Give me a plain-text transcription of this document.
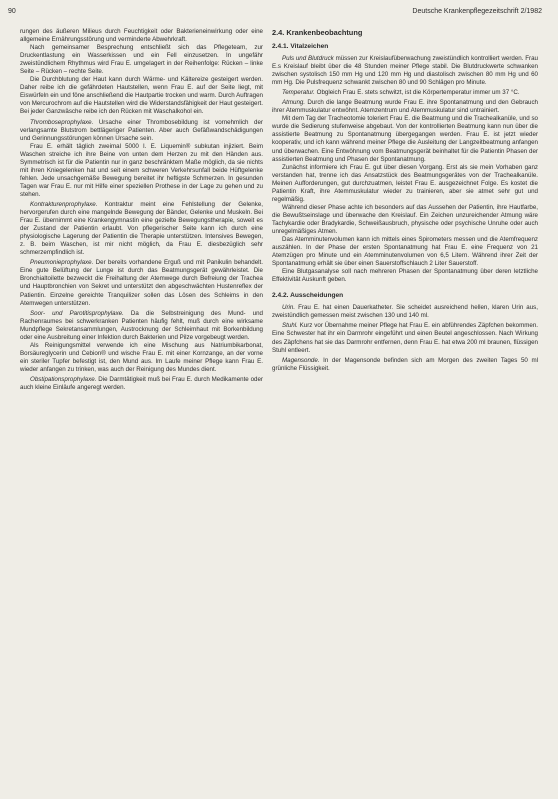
90	Deutsche Krankenpflegezeitschrift 2/1982

rungen des äußeren Milieus durch Feuchtigkeit oder Bakterieneinwirkung oder eine allgemeine Ernährungsstörung und verminderte Abwehrkraft.

Nach gemeinsamer Besprechung entschließt sich das Pflegeteam, zur Druckentlastung ein Wasserkissen und ein Fell einzusetzen. In ungefähr zweistündlichem Rhythmus wird Frau E. umgelagert in der Reihenfolge: Rücken – linke Seite – Rücken – rechte Seite.

Die Durchblutung der Haut kann durch Wärme- und Kältereize gesteigert werden. Daher reibe ich die gefährdeten Hautstellen, wenn Frau E. auf der Seite liegt, mit Eiswürfeln ein und föne anschließend die Hautpartie trocken und warm. Durch Auftragen von Mercurochrom auf die Hautstellen wird die Widerstandsfähigkeit der Haut gesteigert. Bei jeder Ganzwäsche reibe ich den Rücken mit Waschalkohol ein.

Thromboseprophylaxe. Ursache einer Thrombosebildung ist vornehmlich der verlangsamte Blutstrom bettlägeriger Patienten. Aber auch Gefäßwandschädigungen und Gerinnungsstörungen können Ursache sein.

Frau E. erhält täglich zweimal 5000 I. E. Liquemin® subkutan injiziert. Beim Waschen streiche ich ihre Beine von unten dem Herzen zu mit den Händen aus. Symmetrisch ist für die Patientin nur in ganz beschränktem Maße möglich, da sie nichts mit ihren Kniegelenken hat und seit einem schweren Verkehrsunfall beide Hüftgelenke fehlen. Jede unsachgemäße Bewegung bereitet ihr heftigste Schmerzen. In gesunden Tagen war Frau E. nur mit Hilfe einer speziellen Prothese in der Lage zu gehen und zu stehen.

Kontrakturenprophylaxe. Kontraktur meint eine Fehlstellung der Gelenke, hervorgerufen durch eine mangelnde Bewegung der Bänder, Gelenke und Muskeln. Bei Frau E. übernimmt eine Krankengymnastin eine gezielte Bewegungstherapie, soweit es der Zustand der Patientin erlaubt. Von pflegerischer Seite kann ich durch eine physiologische Lagerung der Patientin die Therapie unterstützen. Intensives Bewegen, z. B. beim Waschen, ist mir nicht möglich, da Frau E. diesbezüglich sehr schmerzempfindlich ist.

Pneumonieprophylaxe. Der bereits vorhandene Erguß und mit Panikulin behandelt. Eine gute Belüftung der Lunge ist durch das Beatmungsgerät gewährleistet. Die Bronchialtoilette bezweckt die Freihaltung der Atemwege durch Befreiung der Trachea und Hauptbronchien von Sekret und unterstützt den abgeschwächten Hustenreflex der Patientin. Einzelne gereichte Tranquilizer sollen das Lösen des Schleims in den Atemwegen unterstützen.

Soor- und Parotitisprophylaxe. Da die Selbstreinigung des Mund- und Rachenraumes bei schwerkranken Patienten häufig fehlt, muß durch eine wirksame Mundpflege Sekretansammlungen, Austrocknung der Schleimhaut mit Borkenbildung oder eine Ausbreitung einer Infektion durch Bakterien und Pilze vorgebeugt werden.

Als Reinigungsmittel verwende ich eine Mischung aus Natriumbikarbonat, Borsäureglycerin und Cebion® und wische Frau E. mit einer Kornzange, an der vorne ein steriler Tupfer befestigt ist, den Mund aus. Im Laufe meiner Pflege kann Frau E. wieder anfangen zu trinken, was auch der Reinigung des Mundes dient.

Obstipationsprophylaxe. Die Darmtätigkeit muß bei Frau E. durch Medikamente oder auch kleine Einläufe angeregt werden.

2.4. Krankenbeobachtung
2.4.1. Vitalzeichen

Puls und Blutdruck müssen zur Kreislaufüberwachung zweistündlich kontrolliert werden. Frau E.s Kreislauf bleibt über die 48 Stunden meiner Pflege stabil. Die Blutdruckwerte schwanken zwischen systolisch 150 mm Hg und 120 mm Hg und diastolisch zwischen 80 mm Hg und 60 mm Hg. Die Pulsfrequenz schwankt zwischen 80 und 90 Schlägen pro Minute.

Temperatur. Obgleich Frau E. stets schwitzt, ist die Körpertemperatur immer um 37 °C.

Atmung. Durch die lange Beatmung wurde Frau E. ihre Spontanatmung und den Gebrauch ihrer Atemmuskulatur entwöhnt. Atemzentrum und Atemmuskulatur sind untrainiert.

Mit dem Tag der Tracheotomie toleriert Frau E. die Beatmung und die Trachealkanüle, und so wurde die Sedierung stufenweise abgebaut. Von der kontrollierten Beatmung kann nun über die assistierte Beatmung zu Spontanatmung übergegangen werden. Frau E. ist jetzt wieder kooperativ, und ich kann während meiner Pflege die Ausleitung der Langzeitbeatmung anfangen und überwachen. Eine Entwöhnung vom Beatmungsgerät beinhaltet für die Patientin Phasen der assistierten Beatmung und Phasen der Spontanatmung.

Zunächst informiere ich Frau E. gut über diesen Vorgang. Erst als sie mein Vorhaben ganz verstanden hat, trenne ich das Ansatzstück des Beatmungsgerätes von der Trachealkanüle. Meinen Aufforderungen, gut durchzuatmen, leistet Frau E. ausgezeichnet Folge. Es kostet die Patientin Kraft, ihre Atemmuskulatur wieder zu trainieren, aber sie atmet sehr gut und regelmäßig.

Während dieser Phase achte ich besonders auf das Aussehen der Patientin, ihre Hautfarbe, die Bewußtseinslage und überwache den Kreislauf. Ein Zeichen unzureichender Atmung wäre Tachykardie oder Bradykardie, Schweißausbruch, physische oder psychische Unruhe oder auch unregelmäßiges Atmen.

Das Atemminutenvolumen kann ich mittels eines Spirometers messen und die Atemfrequenz auszählen. In der Phase der ersten Spontanatmung hat Frau E. eine Frequenz von 21 Atemzügen pro Minute und ein Atemminutenvolumen von 6,5 Litern. Während ihrer Zeit der Spontanatmung erhält sie über einen Sauerstoffschlauch 2 Liter Sauerstoff.

Eine Blutgasanalyse soll nach mehreren Phasen der Spontanatmung über deren letztliche Effektivität Auskunft geben.

2.4.2. Ausscheidungen

Urin. Frau E. hat einen Dauerkatheter. Sie scheidet ausreichend hellen, klaren Urin aus, zweistündlich gemessen meist zwischen 130 und 140 ml.

Stuhl. Kurz vor Übernahme meiner Pflege hat Frau E. ein abführendes Zäpfchen bekommen. Eine Schwester hat ihr ein Darmrohr eingeführt und einen Beutel angeschlossen. Nach Wirkung des Zäpfchens hat sie das Darmrohr entfernen, denn Frau E. hat etwa 200 ml braunen, flüssigen Stuhl entleert.

Magensonde. In der Magensonde befinden sich am Morgen des zweiten Tages 50 ml grünliche Flüssigkeit.
